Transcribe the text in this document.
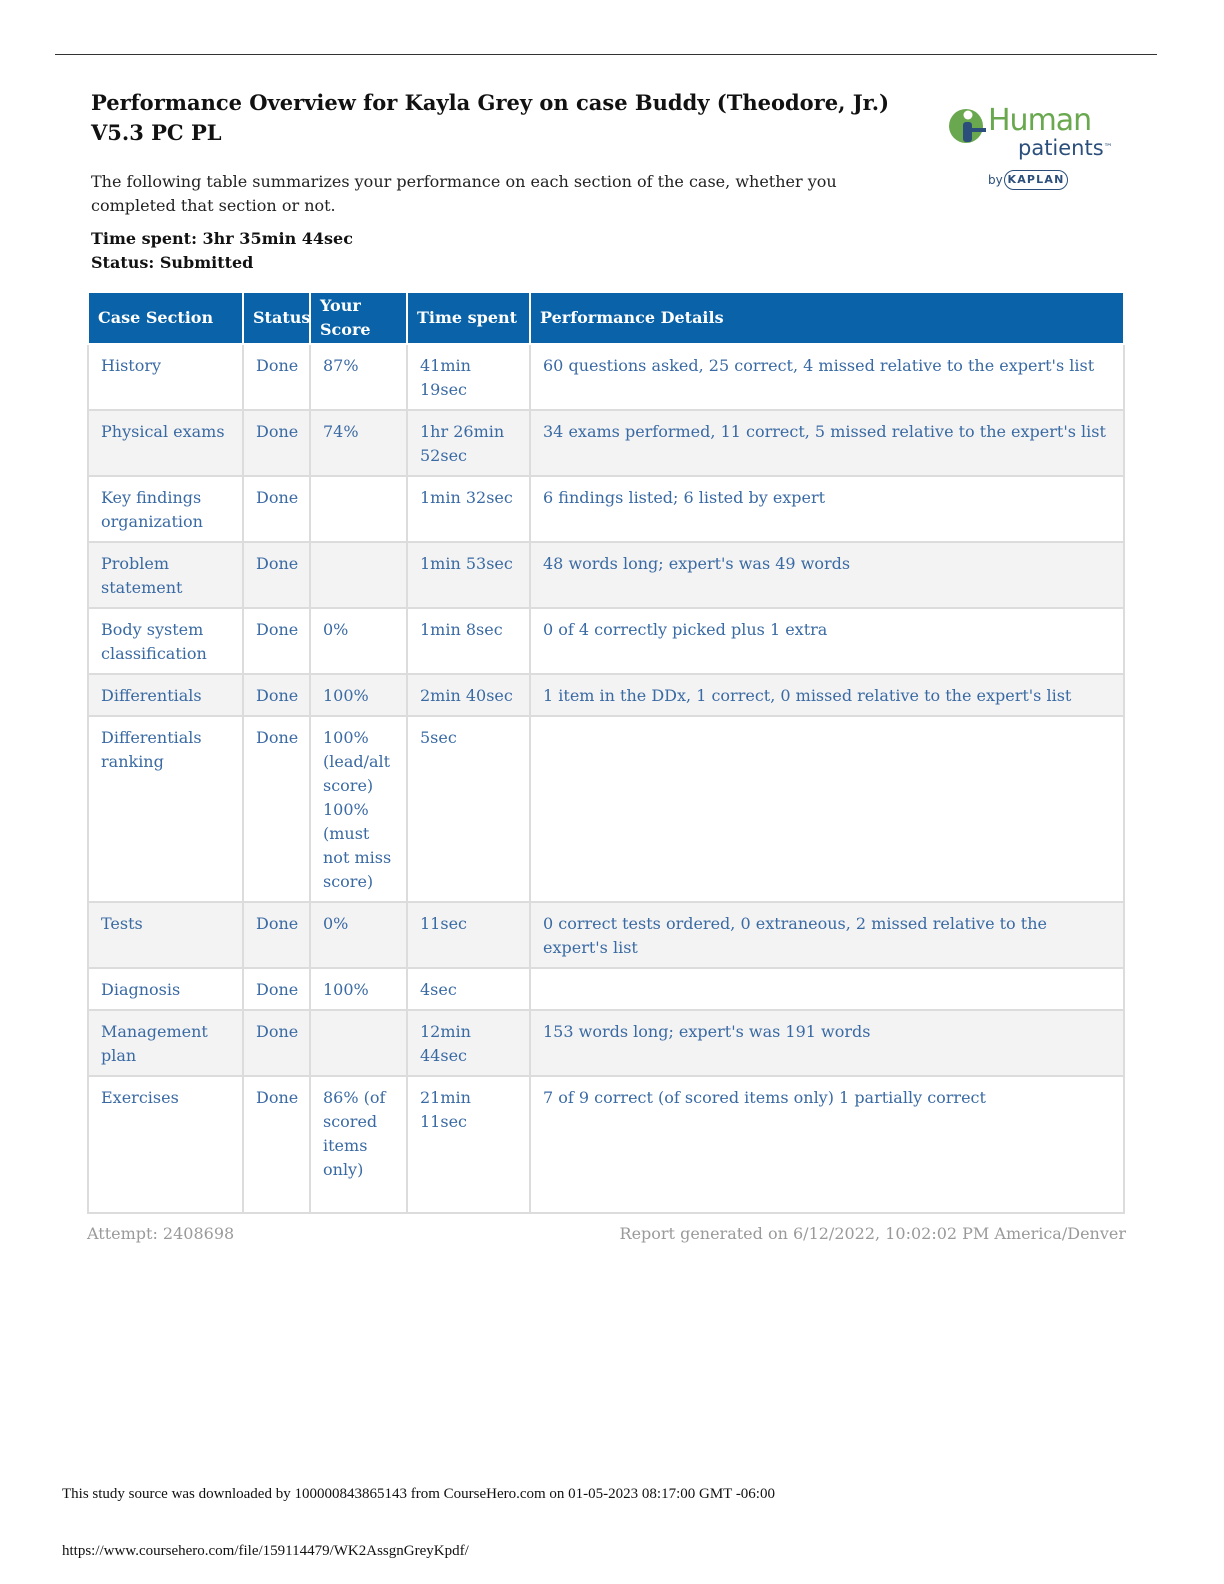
Performance Overview for Kayla Grey on case Buddy (Theodore, Jr.) V5.3 PC PL	Human
patients™
by KAPLAN
The following table summarizes your performance on each section of the case, whether you completed that section or not.
Time spent: 3hr 35min 44sec
Status: Submitted
Case Section	Status	Your Score	Time spent	Performance Details
History	Done	87%	41min 19sec	60 questions asked, 25 correct, 4 missed relative to the expert's list
Physical exams	Done	74%	1hr 26min 52sec	34 exams performed, 11 correct, 5 missed relative to the expert's list
Key findings organization	Done		1min 32sec	6 findings listed; 6 listed by expert
Problem statement	Done		1min 53sec	48 words long; expert's was 49 words
Body system classification	Done	0%	1min 8sec	0 of 4 correctly picked plus 1 extra
Differentials	Done	100%	2min 40sec	1 item in the DDx, 1 correct, 0 missed relative to the expert's list
Differentials ranking	Done	100% (lead/alt score) 100% (must not miss score)	5sec	
Tests	Done	0%	11sec	0 correct tests ordered, 0 extraneous, 2 missed relative to the expert's list
Diagnosis	Done	100%	4sec	
Management plan	Done		12min 44sec	153 words long; expert's was 191 words
Exercises	Done	86% (of scored items only)	21min 11sec	7 of 9 correct (of scored items only) 1 partially correct
Attempt: 2408698	Report generated on 6/12/2022, 10:02:02 PM America/Denver
This study source was downloaded by 100000843865143 from CourseHero.com on 01-05-2023 08:17:00 GMT -06:00
https://www.coursehero.com/file/159114479/WK2AssgnGreyKpdf/
